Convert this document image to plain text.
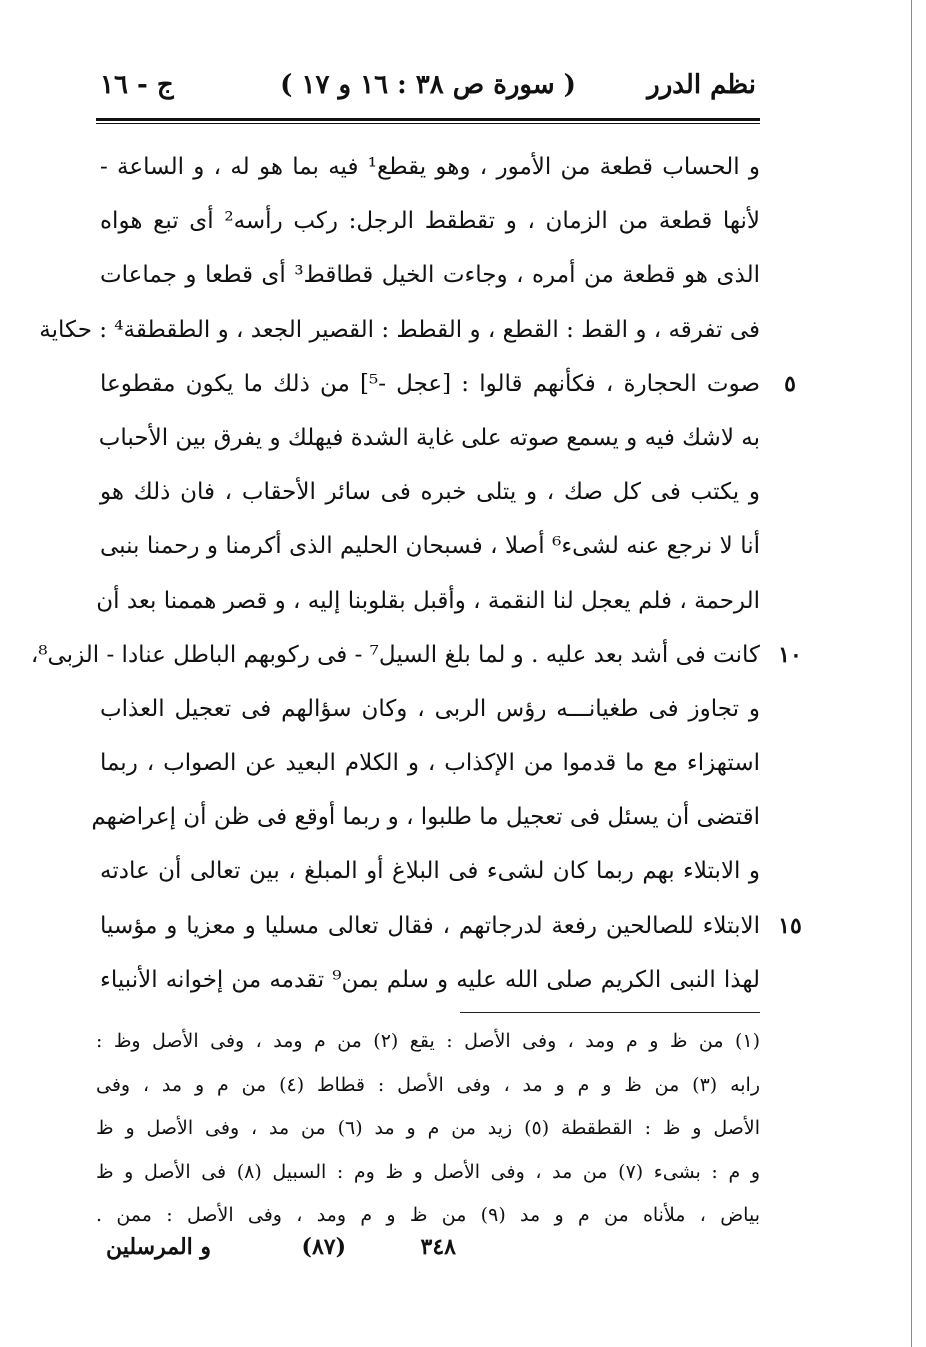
نظم الدرر
( سورة ص ٣٨ : ١٦ و ١٧ )
ج - ١٦
و الحساب قطعة من الأمور ، وهو يقطع¹ فيه بما هو له ، و الساعة -
لأنها قطعة من الزمان ، و تقطقط الرجل: ركب رأسه² أى تبع هواه
الذى هو قطعة من أمره ، وجاءت الخيل قطاقط³ أى قطعا و جماعات
فى تفرقه ، و القط : القطع ، و القطط : القصير الجعد ، و الطقطقة⁴ : حكاية
صوت الحجارة ، فكأنهم قالوا : [عجل -⁵] من ذلك ما يكون مقطوعا	٥
به لاشك فيه و يسمع صوته على غاية الشدة فيهلك و يفرق بين الأحباب
و يكتب فى كل صك ، و يتلى خبره فى سائر الأحقاب ، فان ذلك هو
أنا لا نرجع عنه لشىء⁶ أصلا ، فسبحان الحليم الذى أكرمنا و رحمنا بنبى
الرحمة ، فلم يعجل لنا النقمة ، وأقبل بقلوبنا إليه ، و قصر هممنا بعد أن
كانت فى أشد بعد عليه . و لما بلغ السيل⁷ - فى ركوبهم الباطل عنادا - الزبى⁸، ١٠
و تجاوز فى طغيانـــه رؤس الربى ، وكان سؤالهم فى تعجيل العذاب
استهزاء مع ما قدموا من الإكذاب ، و الكلام البعيد عن الصواب ، ربما
اقتضى أن يسئل فى تعجيل ما طلبوا ، و ربما أوقع فى ظن أن إعراضهم
و الابتلاء بهم ربما كان لشىء فى البلاغ أو المبلغ ، بين تعالى أن عادته
الابتلاء للصالحين رفعة لدرجاتهم ، فقال تعالى مسليا و معزيا و مؤسيا ١٥
لهذا النبى الكريم صلى الله عليه و سلم بمن⁹ تقدمه من إخوانه الأنبياء
(١) من ظ و م ومد ، وفى الأصل : يقع (٢) من م ومد ، وفى الأصل وظ :
رابه (٣) من ظ و م و مد ، وفى الأصل : قطاط (٤) من م و مد ، وفى
الأصل و ظ : القطقطة (٥) زيد من م و مد (٦) من مد ، وفى الأصل و ظ
و م : بشىء (٧) من مد ، وفى الأصل و ظ وم : السبيل (٨) فى الأصل و ظ
بياض ، ملأناه من م و مد (٩) من ظ و م ومد ، وفى الأصل : ممن .
٣٤٨
(٨٧)
و المرسلين
